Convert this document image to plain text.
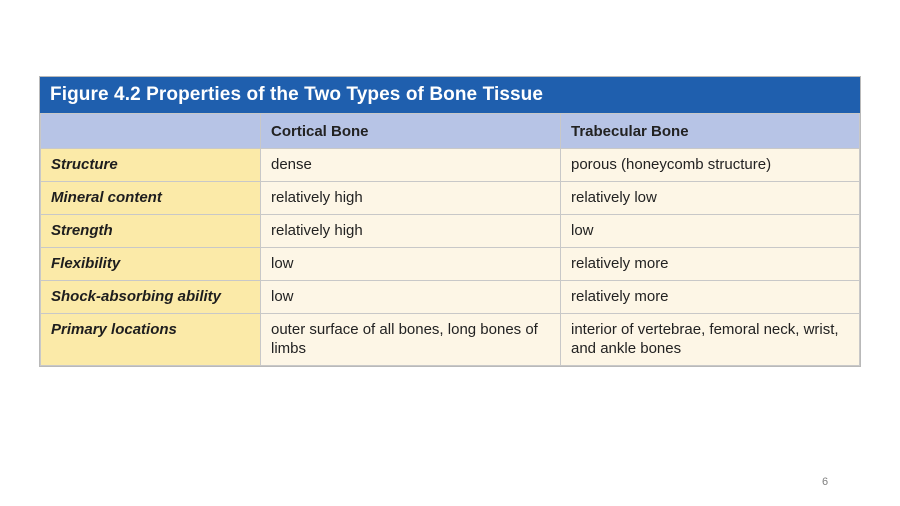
Figure 4.2 Properties of the Two Types of Bone Tissue
	Cortical Bone	Trabecular Bone
Structure	dense	porous (honeycomb structure)
Mineral content	relatively high	relatively low
Strength	relatively high	low
Flexibility	low	relatively more
Shock-absorbing ability	low	relatively more
Primary locations	outer surface of all bones, long bones of limbs	interior of vertebrae, femoral neck, wrist, and ankle bones
6
